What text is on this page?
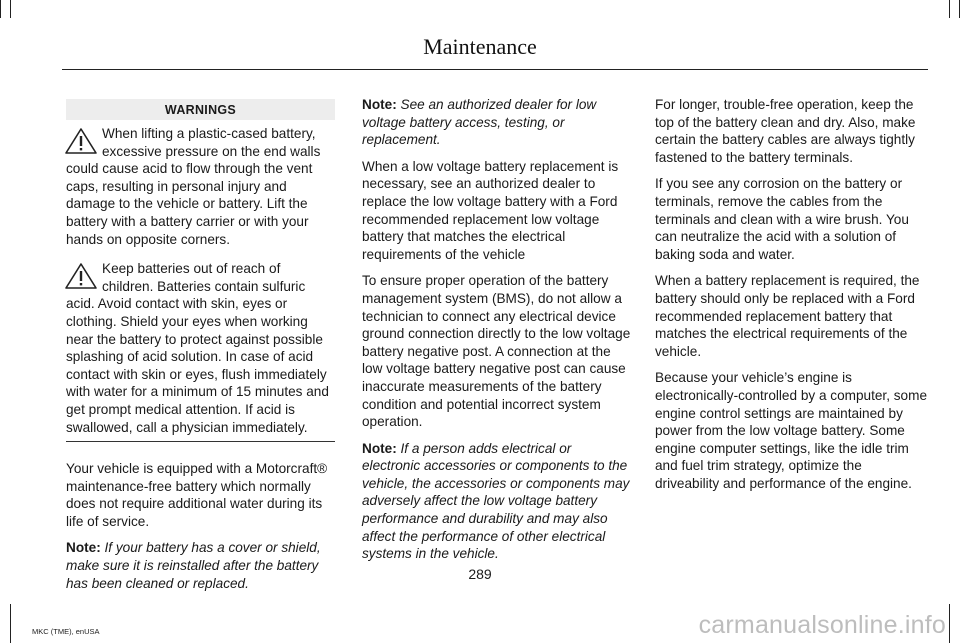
Maintenance
WARNINGS

When lifting a plastic-cased battery, excessive pressure on the end walls could cause acid to flow through the vent caps, resulting in personal injury and damage to the vehicle or battery. Lift the battery with a battery carrier or with your hands on opposite corners.

Keep batteries out of reach of children. Batteries contain sulfuric acid. Avoid contact with skin, eyes or clothing. Shield your eyes when working near the battery to protect against possible splashing of acid solution. In case of acid contact with skin or eyes, flush immediately with water for a minimum of 15 minutes and get prompt medical attention. If acid is swallowed, call a physician immediately.

Your vehicle is equipped with a Motorcraft® maintenance-free battery which normally does not require additional water during its life of service.

Note: If your battery has a cover or shield, make sure it is reinstalled after the battery has been cleaned or replaced.

Note: See an authorized dealer for low voltage battery access, testing, or replacement.

When a low voltage battery replacement is necessary, see an authorized dealer to replace the low voltage battery with a Ford recommended replacement low voltage battery that matches the electrical requirements of the vehicle

To ensure proper operation of the battery management system (BMS), do not allow a technician to connect any electrical device ground connection directly to the low voltage battery negative post. A connection at the low voltage battery negative post can cause inaccurate measurements of the battery condition and potential incorrect system operation.

Note: If a person adds electrical or electronic accessories or components to the vehicle, the accessories or components may adversely affect the low voltage battery performance and durability and may also affect the performance of other electrical systems in the vehicle.

For longer, trouble-free operation, keep the top of the battery clean and dry. Also, make certain the battery cables are always tightly fastened to the battery terminals.

If you see any corrosion on the battery or terminals, remove the cables from the terminals and clean with a wire brush. You can neutralize the acid with a solution of baking soda and water.

When a battery replacement is required, the battery should only be replaced with a Ford recommended replacement battery that matches the electrical requirements of the vehicle.

Because your vehicle’s engine is electronically-controlled by a computer, some engine control settings are maintained by power from the low voltage battery. Some engine computer settings, like the idle trim and fuel trim strategy, optimize the driveability and performance of the engine.

289
MKC (TME), enUSA	carmanualsonline.info
